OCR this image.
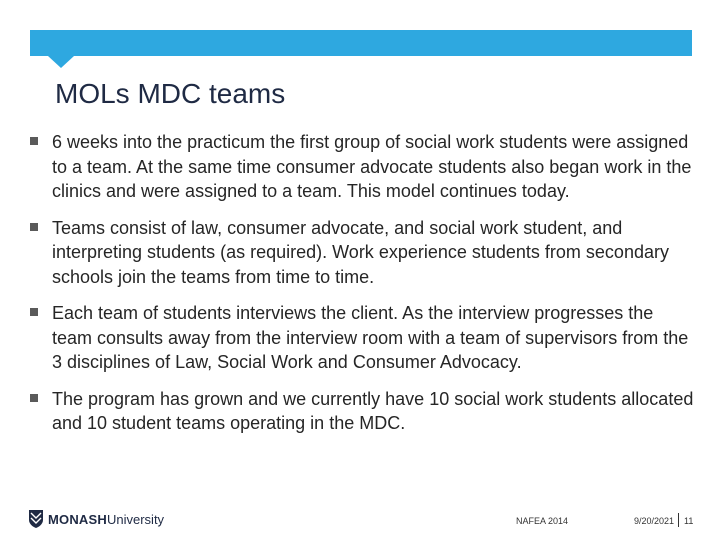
MOLs MDC teams
6 weeks into the practicum the first group of social work students were assigned to a team. At the same time consumer advocate students also began work in the clinics and were assigned to a team. This model continues today.
Teams consist of law, consumer advocate, and social work student, and interpreting students (as required). Work experience students from secondary schools join the teams from time to time.
Each team of students interviews the client. As the interview progresses the team consults away from the interview room with a team of supervisors from the 3 disciplines of Law, Social Work and Consumer Advocacy.
The program has grown and we currently have 10 social work students allocated and 10 student teams operating in the MDC.
MONASH University	NAFEA 2014	9/20/2021 11
